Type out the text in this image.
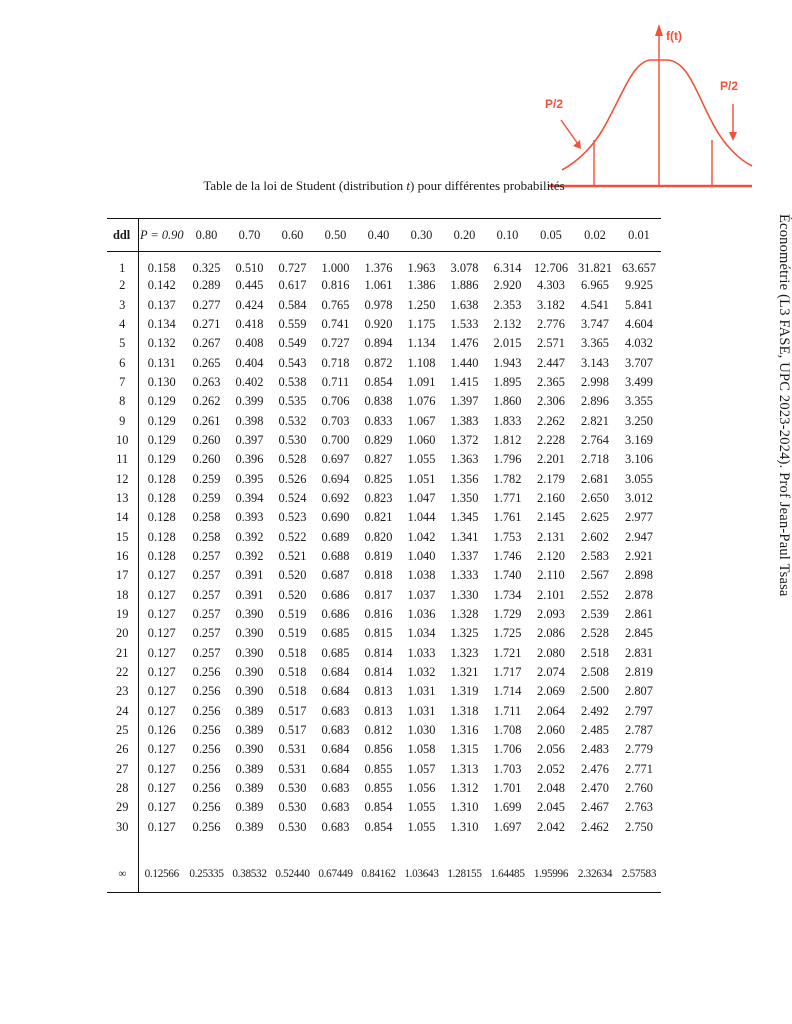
f(t)
P/2
P/2
Table de la loi de Student (distribution t) pour différentes probabilités
ddl	P = 0.90	0.80	0.70	0.60	0.50	0.40	0.30	0.20	0.10	0.05	0.02	0.01
1	0.158	0.325	0.510	0.727	1.000	1.376	1.963	3.078	6.314	12.706	31.821	63.657
2	0.142	0.289	0.445	0.617	0.816	1.061	1.386	1.886	2.920	4.303	6.965	9.925
3	0.137	0.277	0.424	0.584	0.765	0.978	1.250	1.638	2.353	3.182	4.541	5.841
4	0.134	0.271	0.418	0.559	0.741	0.920	1.175	1.533	2.132	2.776	3.747	4.604
5	0.132	0.267	0.408	0.549	0.727	0.894	1.134	1.476	2.015	2.571	3.365	4.032
6	0.131	0.265	0.404	0.543	0.718	0.872	1.108	1.440	1.943	2.447	3.143	3.707
7	0.130	0.263	0.402	0.538	0.711	0.854	1.091	1.415	1.895	2.365	2.998	3.499
8	0.129	0.262	0.399	0.535	0.706	0.838	1.076	1.397	1.860	2.306	2.896	3.355
9	0.129	0.261	0.398	0.532	0.703	0.833	1.067	1.383	1.833	2.262	2.821	3.250
10	0.129	0.260	0.397	0.530	0.700	0.829	1.060	1.372	1.812	2.228	2.764	3.169
11	0.129	0.260	0.396	0.528	0.697	0.827	1.055	1.363	1.796	2.201	2.718	3.106
12	0.128	0.259	0.395	0.526	0.694	0.825	1.051	1.356	1.782	2.179	2.681	3.055
13	0.128	0.259	0.394	0.524	0.692	0.823	1.047	1.350	1.771	2.160	2.650	3.012
14	0.128	0.258	0.393	0.523	0.690	0.821	1.044	1.345	1.761	2.145	2.625	2.977
15	0.128	0.258	0.392	0.522	0.689	0.820	1.042	1.341	1.753	2.131	2.602	2.947
16	0.128	0.257	0.392	0.521	0.688	0.819	1.040	1.337	1.746	2.120	2.583	2.921
17	0.127	0.257	0.391	0.520	0.687	0.818	1.038	1.333	1.740	2.110	2.567	2.898
18	0.127	0.257	0.391	0.520	0.686	0.817	1.037	1.330	1.734	2.101	2.552	2.878
19	0.127	0.257	0.390	0.519	0.686	0.816	1.036	1.328	1.729	2.093	2.539	2.861
20	0.127	0.257	0.390	0.519	0.685	0.815	1.034	1.325	1.725	2.086	2.528	2.845
21	0.127	0.257	0.390	0.518	0.685	0.814	1.033	1.323	1.721	2.080	2.518	2.831
22	0.127	0.256	0.390	0.518	0.684	0.814	1.032	1.321	1.717	2.074	2.508	2.819
23	0.127	0.256	0.390	0.518	0.684	0.813	1.031	1.319	1.714	2.069	2.500	2.807
24	0.127	0.256	0.389	0.517	0.683	0.813	1.031	1.318	1.711	2.064	2.492	2.797
25	0.126	0.256	0.389	0.517	0.683	0.812	1.030	1.316	1.708	2.060	2.485	2.787
26	0.127	0.256	0.390	0.531	0.684	0.856	1.058	1.315	1.706	2.056	2.483	2.779
27	0.127	0.256	0.389	0.531	0.684	0.855	1.057	1.313	1.703	2.052	2.476	2.771
28	0.127	0.256	0.389	0.530	0.683	0.855	1.056	1.312	1.701	2.048	2.470	2.760
29	0.127	0.256	0.389	0.530	0.683	0.854	1.055	1.310	1.699	2.045	2.467	2.763
30	0.127	0.256	0.389	0.530	0.683	0.854	1.055	1.310	1.697	2.042	2.462	2.750

∞	0.12566	0.25335	0.38532	0.52440	0.67449	0.84162	1.03643	1.28155	1.64485	1.95996	2.32634	2.57583
Économétrie (L3 FASE, UPC 2023-2024). Prof Jean-Paul Tsasa
